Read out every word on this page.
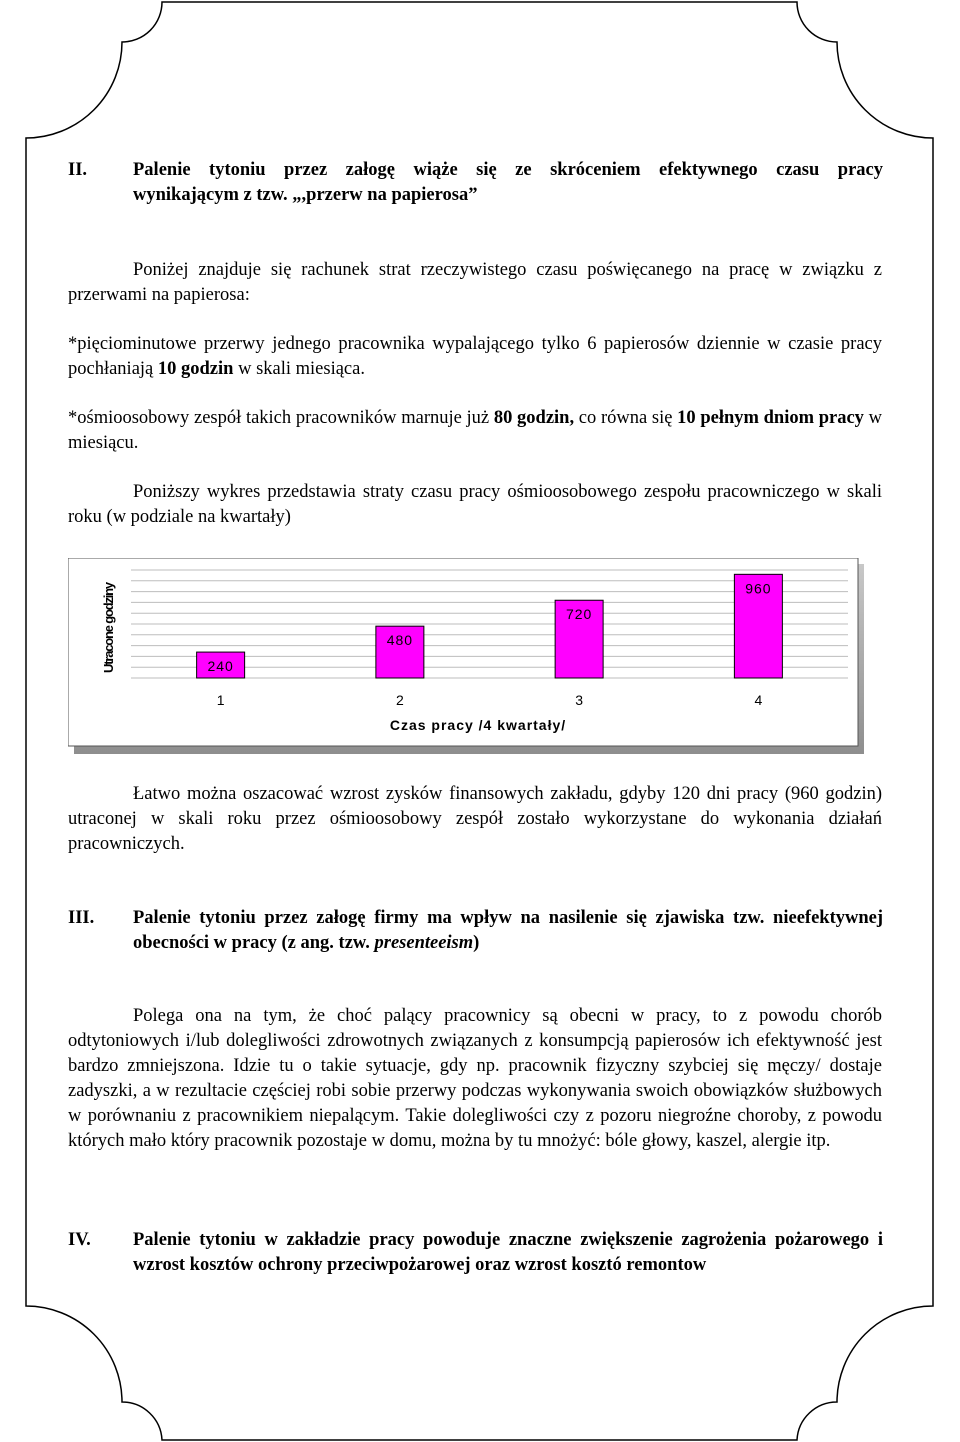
II. Palenie tytoniu przez załogę wiąże się ze skróceniem efektywnego czasu pracy
wynikającym z tzw. „,przerw na papierosa”
Poniżej znajduje się rachunek strat rzeczywistego czasu poświęcanego na pracę w związku z przerwami na papierosa:
*pięciominutowe przerwy jednego pracownika wypalającego tylko 6 papierosów dziennie w czasie pracy pochłaniają 10 godzin w skali miesiąca.
*ośmioosobowy zespół takich pracowników marnuje już 80 godzin, co równa się 10 pełnym dniom pracy w miesiącu.
Poniższy wykres przedstawia straty czasu pracy ośmioosobowego zespołu pracowniczego w skali roku (w podziale na kwartały)
240
480
720
960
1	2	3	4
Utracone godziny
Czas pracy /4 kwartały/
Łatwo można oszacować wzrost zysków finansowych zakładu, gdyby 120 dni pracy (960 godzin) utraconej w skali roku przez ośmioosobowy zespół zostało wykorzystane do wykonania działań pracowniczych.
III. Palenie tytoniu przez załogę firmy ma wpływ na nasilenie się zjawiska tzw. nieefektywnej obecności w pracy (z ang. tzw. presenteeism)
Polega ona na tym, że choć palący pracownicy są obecni w pracy, to z powodu chorób odtytoniowych i/lub dolegliwości zdrowotnych związanych z konsumpcją papierosów ich efektywność jest bardzo zmniejszona. Idzie tu o takie sytuacje, gdy np. pracownik fizyczny szybciej się męczy/ dostaje zadyszki, a w rezultacie częściej robi sobie przerwy podczas wykonywania swoich obowiązków służbowych w porównaniu z pracownikiem niepalącym. Takie dolegliwości czy z pozoru niegroźne choroby, z powodu których mało który pracownik pozostaje w domu, można by tu mnożyć: bóle głowy, kaszel, alergie itp.
IV. Palenie tytoniu w zakładzie pracy powoduje znaczne zwiększenie zagrożenia pożarowego i wzrost kosztów ochrony przeciwpożarowej oraz wzrost kosztó remontow
